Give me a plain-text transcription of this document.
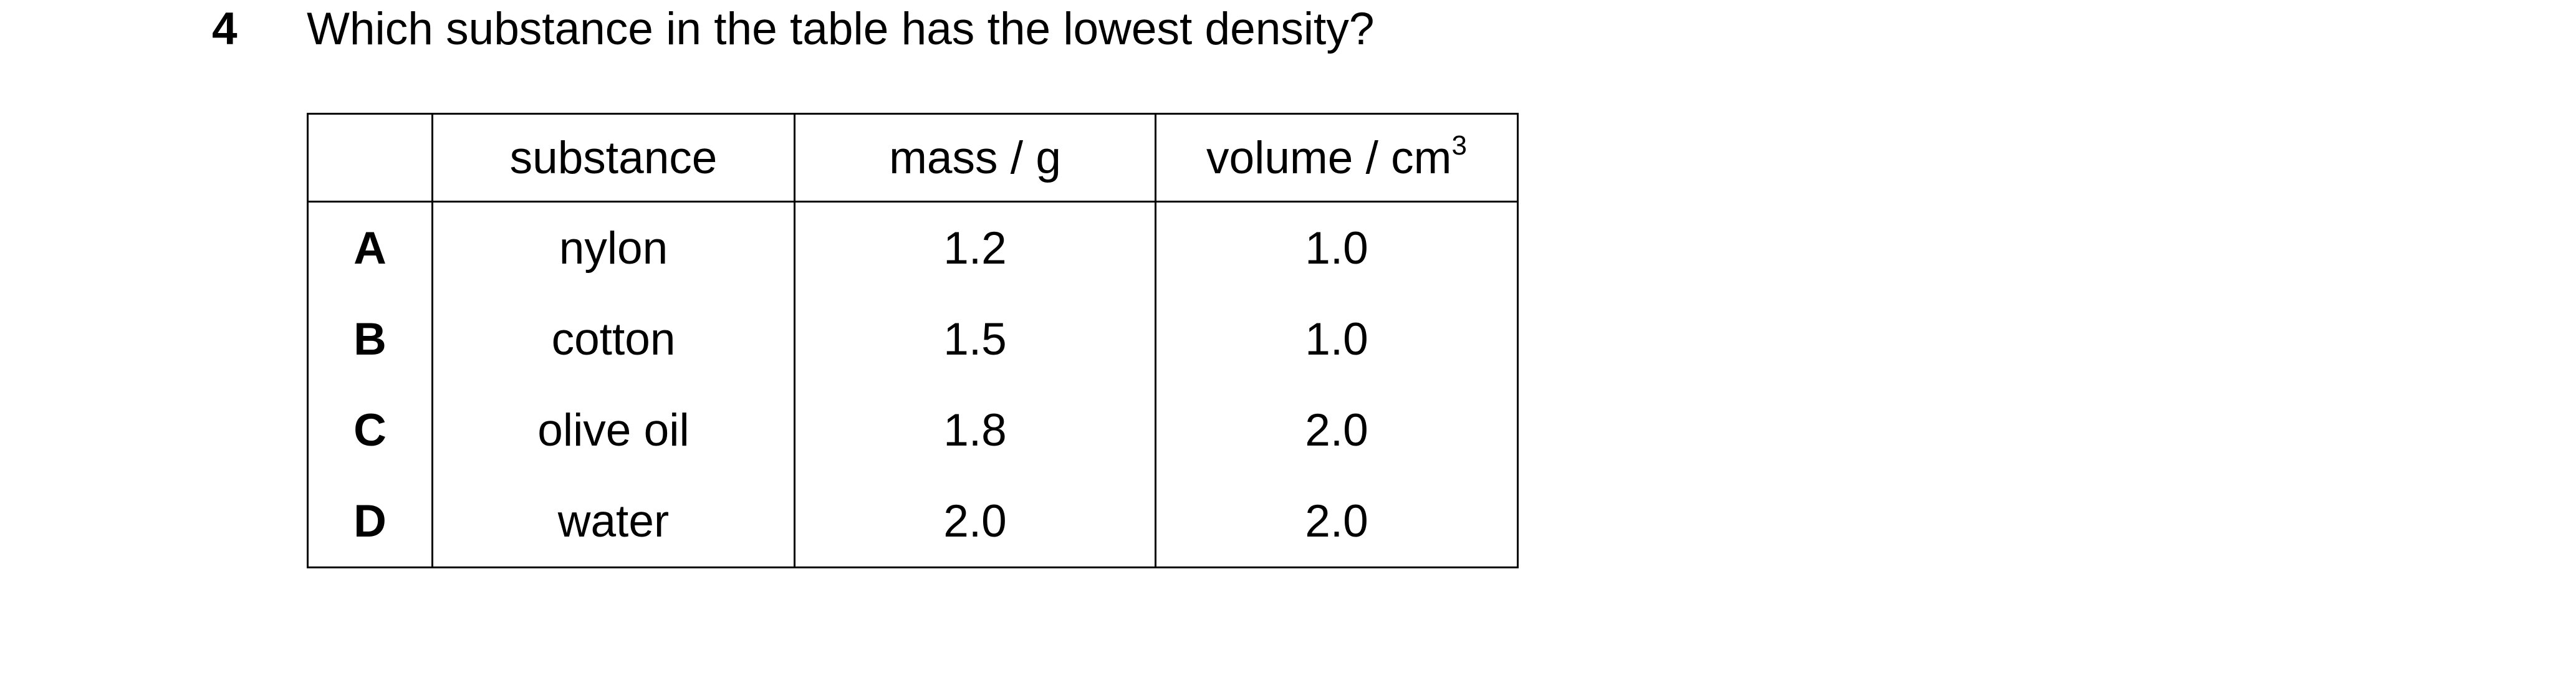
4 Which substance in the table has the lowest density?
	substance	mass / g	volume / $cm^3$
A	nylon	1.2	1.0
B	cotton	1.5	1.0
C	olive oil	1.8	2.0
D	water	2.0	2.0
